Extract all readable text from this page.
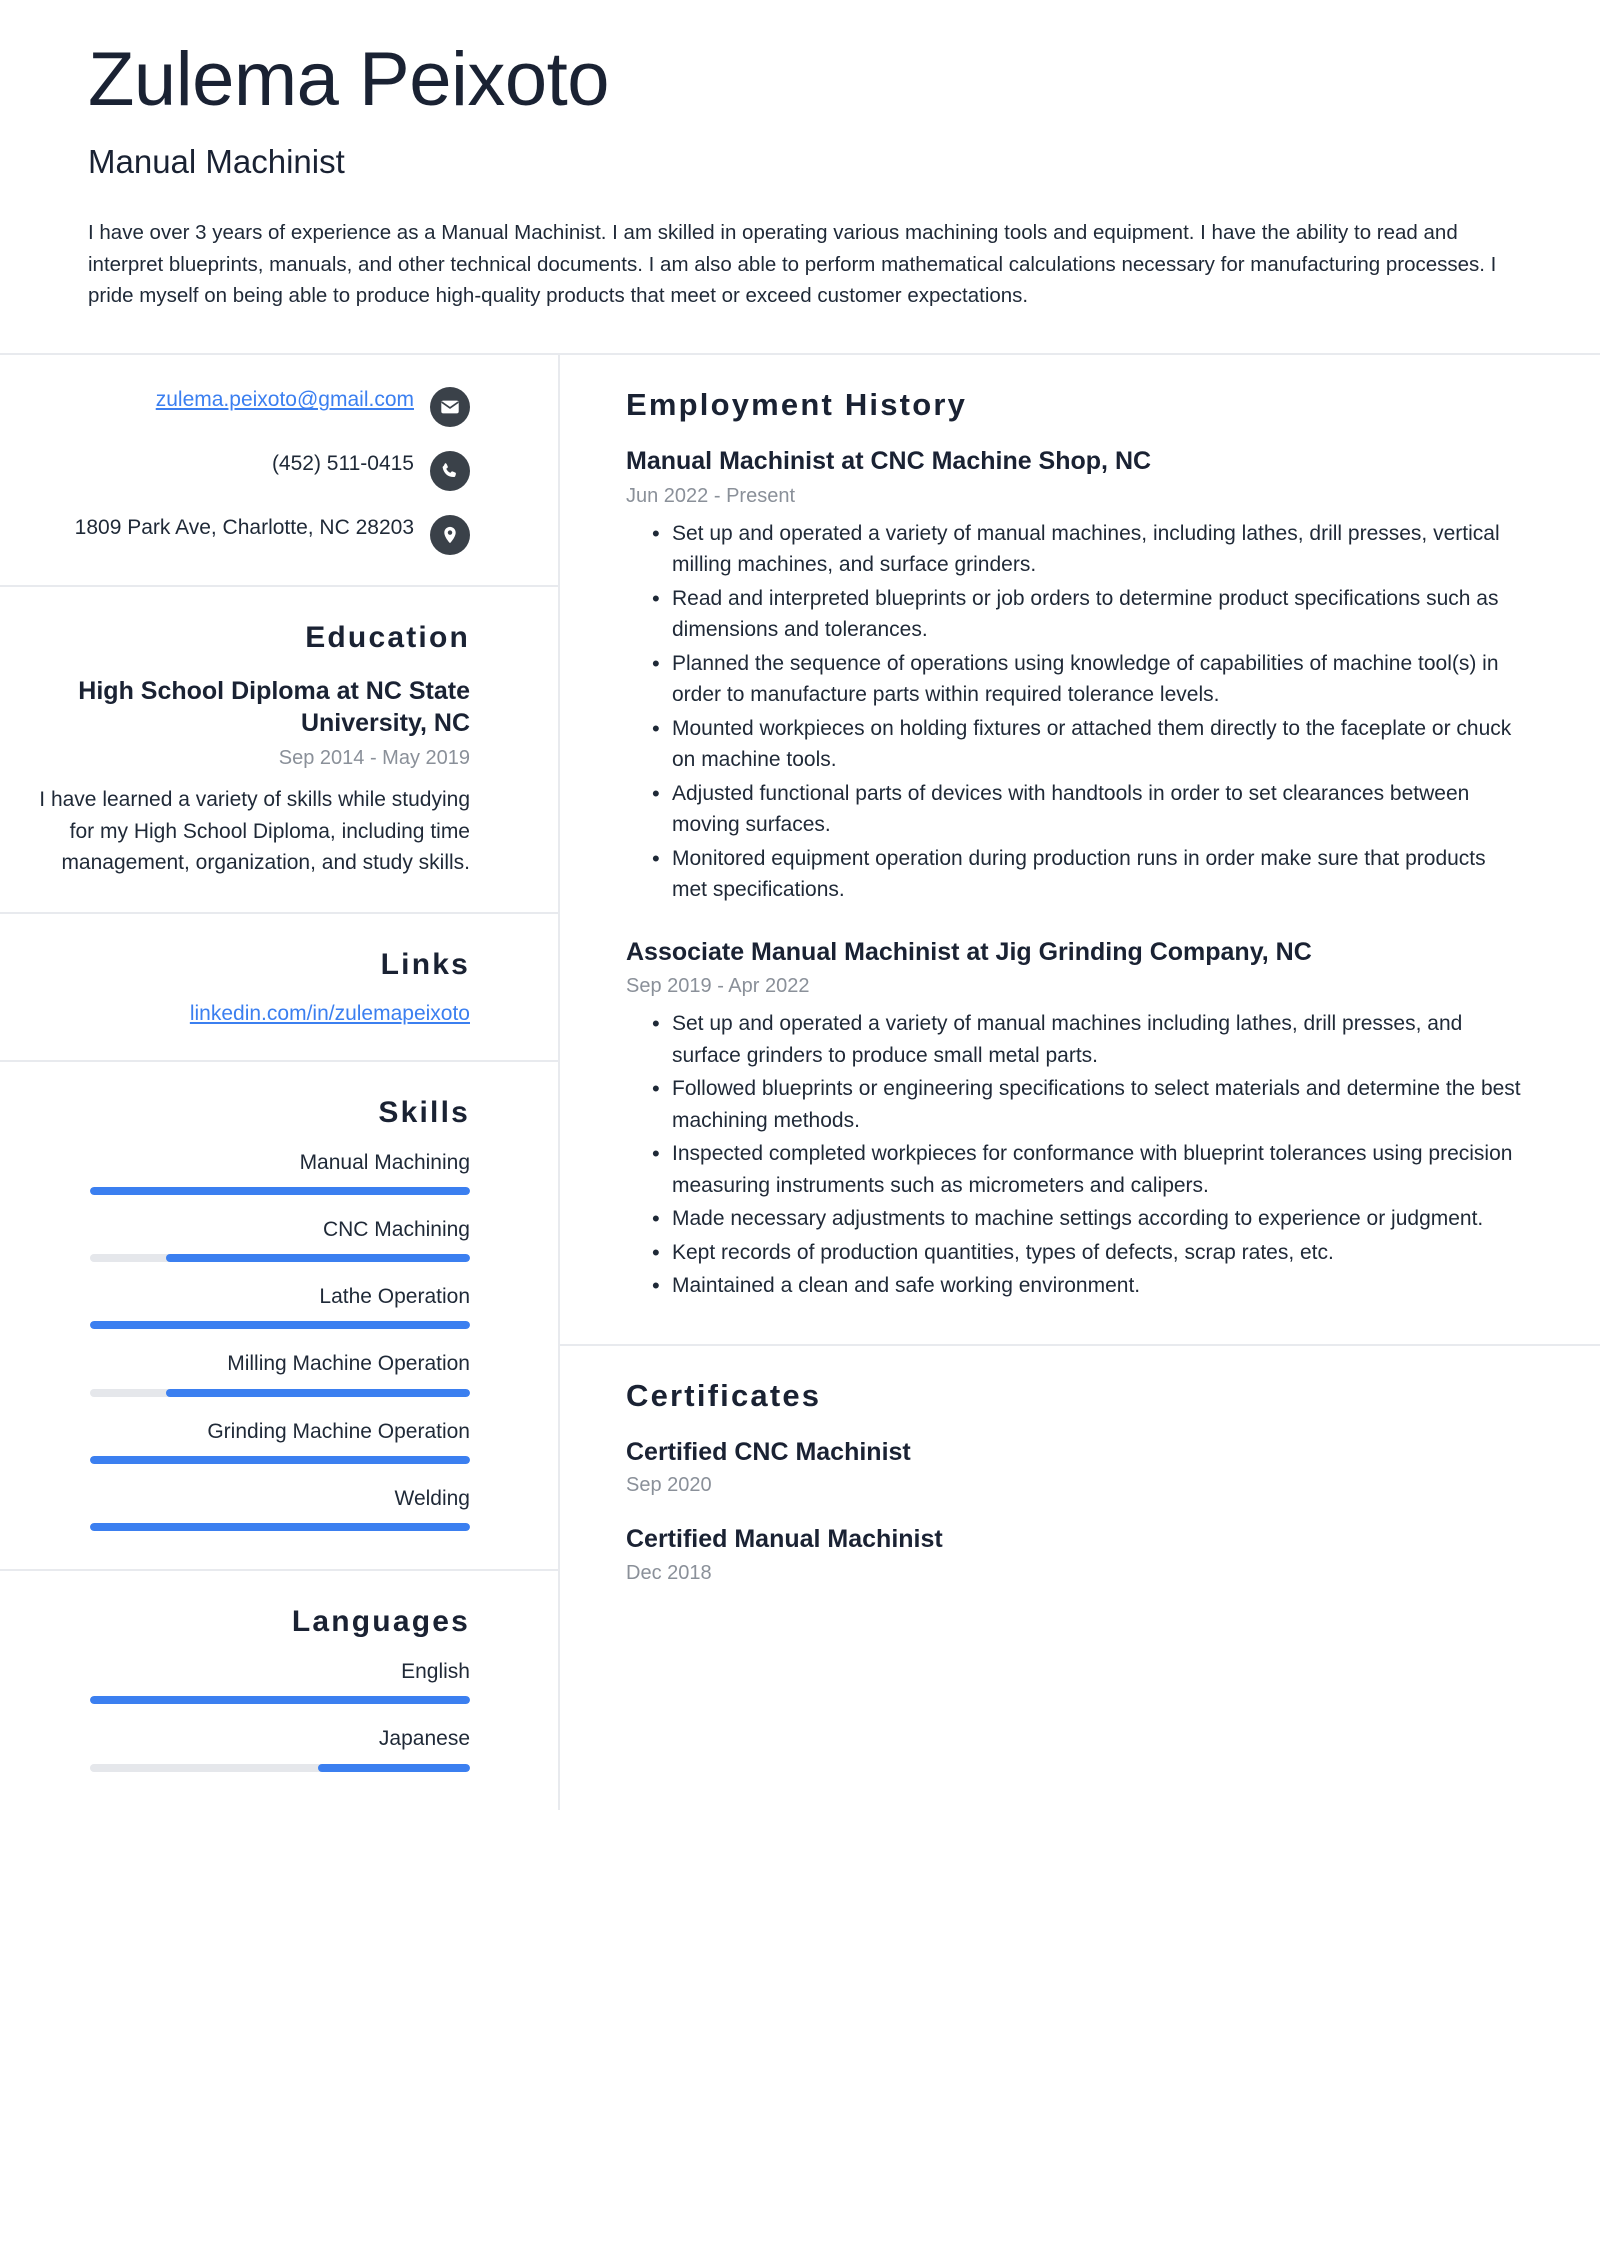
Zulema Peixoto
Manual Machinist

I have over 3 years of experience as a Manual Machinist. I am skilled in operating various machining tools and equipment. I have the ability to read and interpret blueprints, manuals, and other technical documents. I am also able to perform mathematical calculations necessary for manufacturing processes. I pride myself on being able to produce high-quality products that meet or exceed customer expectations.

zulema.peixoto@gmail.com
(452) 511-0415
1809 Park Ave, Charlotte, NC 28203
Education
High School Diploma at NC State University, NC
Sep 2014 - May 2019
I have learned a variety of skills while studying for my High School Diploma, including time management, organization, and study skills.
Links
linkedin.com/in/zulemapeixoto
Skills
Manual Machining
CNC Machining
Lathe Operation
Milling Machine Operation
Grinding Machine Operation
Welding
Languages
English
Japanese
Employment History
Manual Machinist at CNC Machine Shop, NC
Jun 2022 - Present
• Set up and operated a variety of manual machines, including lathes, drill presses, vertical milling machines, and surface grinders.
• Read and interpreted blueprints or job orders to determine product specifications such as dimensions and tolerances.
• Planned the sequence of operations using knowledge of capabilities of machine tool(s) in order to manufacture parts within required tolerance levels.
• Mounted workpieces on holding fixtures or attached them directly to the faceplate or chuck on machine tools.
• Adjusted functional parts of devices with handtools in order to set clearances between moving surfaces.
• Monitored equipment operation during production runs in order make sure that products met specifications.
Associate Manual Machinist at Jig Grinding Company, NC
Sep 2019 - Apr 2022
• Set up and operated a variety of manual machines including lathes, drill presses, and surface grinders to produce small metal parts.
• Followed blueprints or engineering specifications to select materials and determine the best machining methods.
• Inspected completed workpieces for conformance with blueprint tolerances using precision measuring instruments such as micrometers and calipers.
• Made necessary adjustments to machine settings according to experience or judgment.
• Kept records of production quantities, types of defects, scrap rates, etc.
• Maintained a clean and safe working environment.
Certificates
Certified CNC Machinist
Sep 2020
Certified Manual Machinist
Dec 2018
